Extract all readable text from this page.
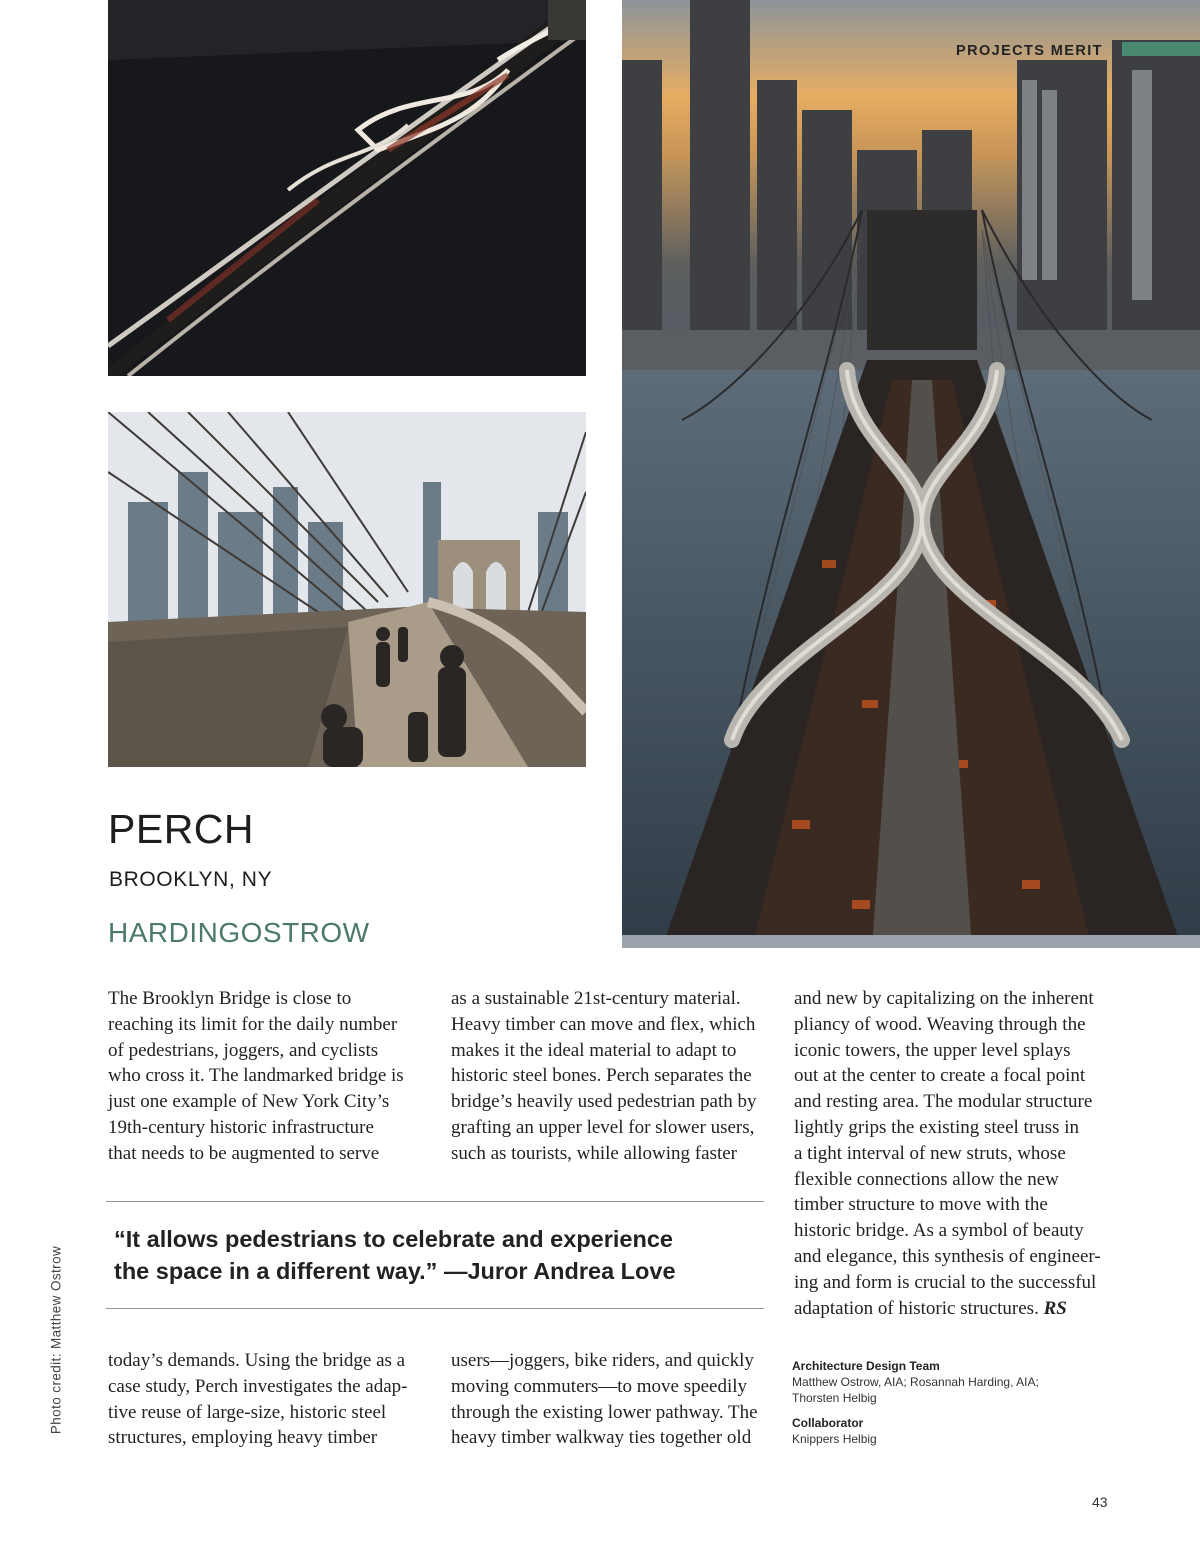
PROJECTS MERIT
PERCH
BROOKLYN, NY
HARDINGOSTROW
The Brooklyn Bridge is close to
reaching its limit for the daily number
of pedestrians, joggers, and cyclists
who cross it. The landmarked bridge is
just one example of New York City’s
19th-century historic infrastructure
that needs to be augmented to serve
as a sustainable 21st-century material.
Heavy timber can move and flex, which
makes it the ideal material to adapt to
historic steel bones. Perch separates the
bridge’s heavily used pedestrian path by
grafting an upper level for slower users,
such as tourists, while allowing faster
and new by capitalizing on the inherent
pliancy of wood. Weaving through the
iconic towers, the upper level splays
out at the center to create a focal point
and resting area. The modular structure
lightly grips the existing steel truss in
a tight interval of new struts, whose
flexible connections allow the new
timber structure to move with the
historic bridge. As a symbol of beauty
and elegance, this synthesis of engineer-
ing and form is crucial to the successful
adaptation of historic structures. RS
today’s demands. Using the bridge as a
case study, Perch investigates the adap-
tive reuse of large-size, historic steel
structures, employing heavy timber
users—joggers, bike riders, and quickly
moving commuters—to move speedily
through the existing lower pathway. The
heavy timber walkway ties together old
“It allows pedestrians to celebrate and experience
the space in a different way.” —Juror Andrea Love
Architecture Design Team
Matthew Ostrow, AIA; Rosannah Harding, AIA;
Thorsten Helbig
Collaborator
Knippers Helbig
Photo credit: Matthew Ostrow
43
